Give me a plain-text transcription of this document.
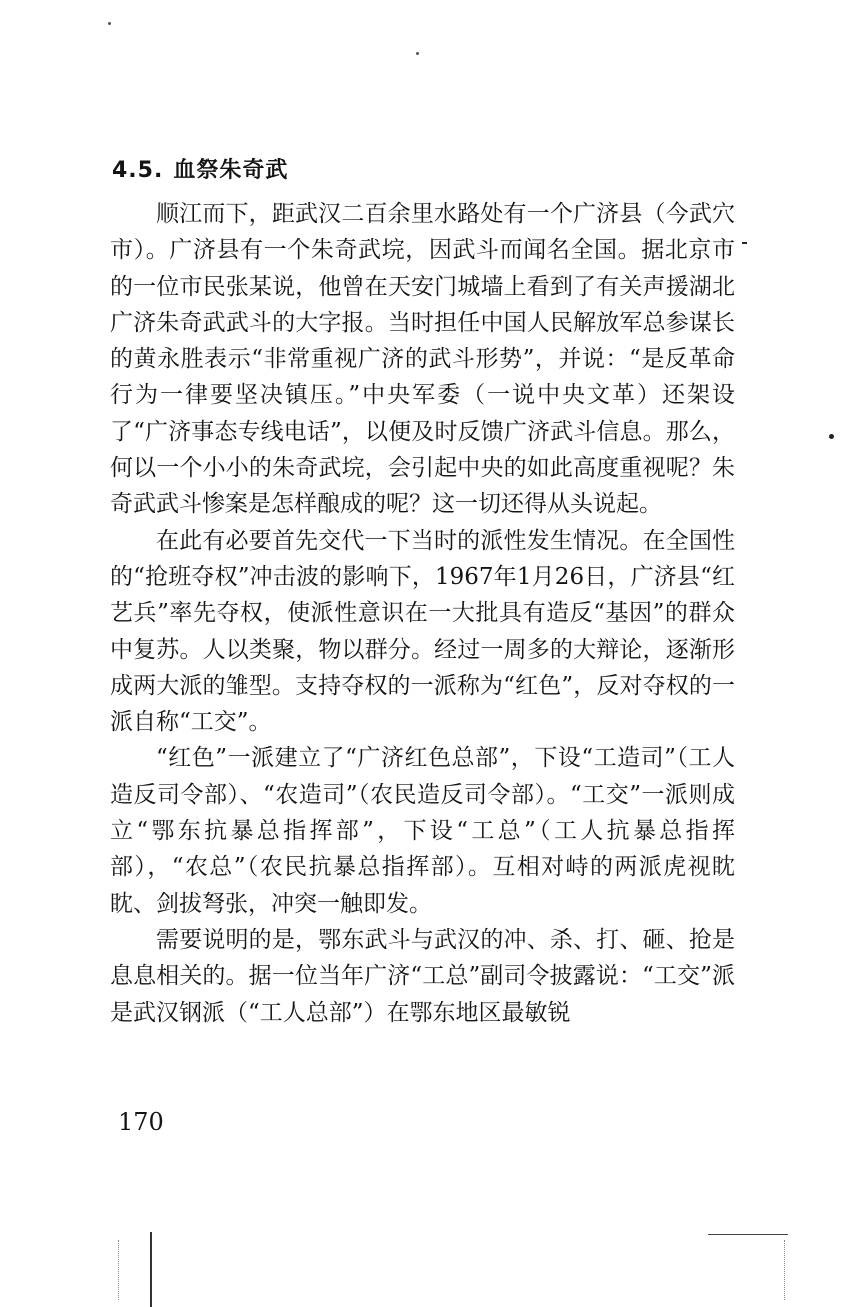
4.5. 血祭朱奇武

顺江而下，距武汉二百余里水路处有一个广济县（今武穴市）。广济县有一个朱奇武垸，因武斗而闻名全国。据北京市的一位市民张某说，他曾在天安门城墙上看到了有关声援湖北广济朱奇武武斗的大字报。当时担任中国人民解放军总参谋长的黄永胜表示“非常重视广济的武斗形势”，并说：“是反革命行为一律要坚决镇压。”中央军委（一说中央文革）还架设了“广济事态专线电话”，以便及时反馈广济武斗信息。那么，何以一个小小的朱奇武垸，会引起中央的如此高度重视呢？朱奇武武斗惨案是怎样酿成的呢？这一切还得从头说起。

在此有必要首先交代一下当时的派性发生情况。在全国性的“抢班夺权”冲击波的影响下，1967年1月26日，广济县“红艺兵”率先夺权，使派性意识在一大批具有造反“基因”的群众中复苏。人以类聚，物以群分。经过一周多的大辩论，逐渐形成两大派的雏型。支持夺权的一派称为“红色”，反对夺权的一派自称“工交”。

“红色”一派建立了“广济红色总部”，下设“工造司”（工人造反司令部）、“农造司”（农民造反司令部）。“工交”一派则成立“鄂东抗暴总指挥部”，下设“工总”（工人抗暴总指挥部），“农总”（农民抗暴总指挥部）。互相对峙的两派虎视眈眈、剑拔弩张，冲突一触即发。

需要说明的是，鄂东武斗与武汉的冲、杀、打、砸、抢是息息相关的。据一位当年广济“工总”副司令披露说：“工交”派是武汉钢派（“工人总部”）在鄂东地区最敏锐

170
